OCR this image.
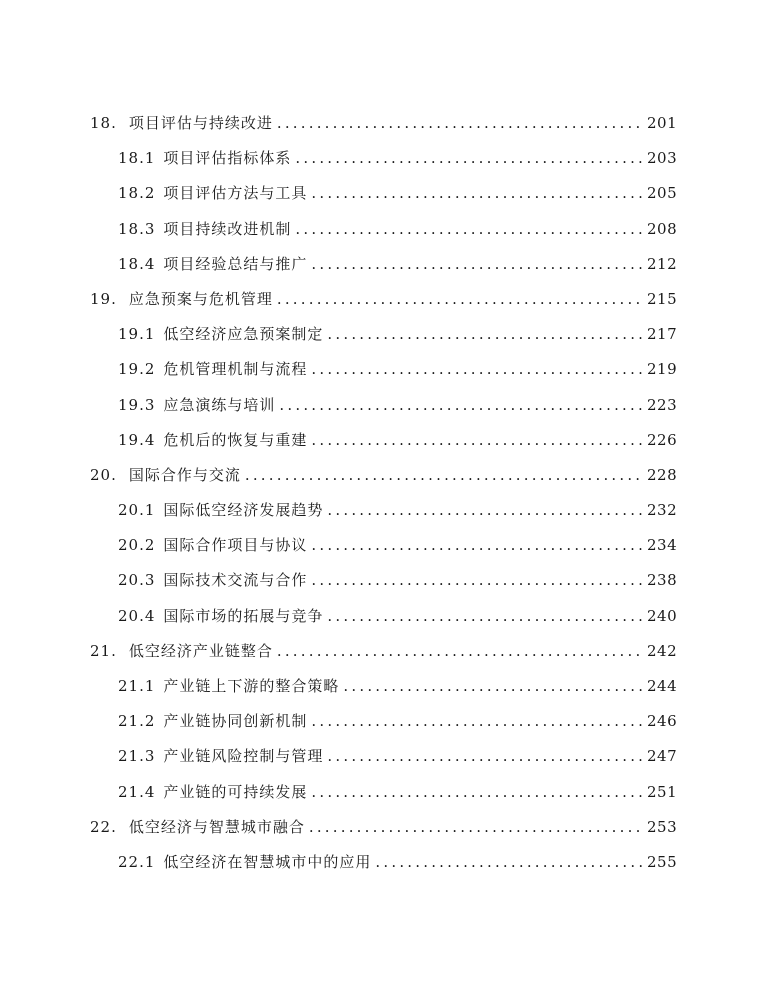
18. 项目评估与持续改进 .....	201
18.1 项目评估指标体系 .....	203
18.2 项目评估方法与工具 .....	205
18.3 项目持续改进机制 .....	208
18.4 项目经验总结与推广 .....	212
19. 应急预案与危机管理 .....	215
19.1 低空经济应急预案制定 .....	217
19.2 危机管理机制与流程 .....	219
19.3 应急演练与培训 .....	223
19.4 危机后的恢复与重建 .....	226
20. 国际合作与交流 .....	228
20.1 国际低空经济发展趋势 .....	232
20.2 国际合作项目与协议 .....	234
20.3 国际技术交流与合作 .....	238
20.4 国际市场的拓展与竞争 .....	240
21. 低空经济产业链整合 .....	242
21.1 产业链上下游的整合策略 .....	244
21.2 产业链协同创新机制 .....	246
21.3 产业链风险控制与管理 .....	247
21.4 产业链的可持续发展 .....	251
22. 低空经济与智慧城市融合 .....	253
22.1 低空经济在智慧城市中的应用 .....	255
